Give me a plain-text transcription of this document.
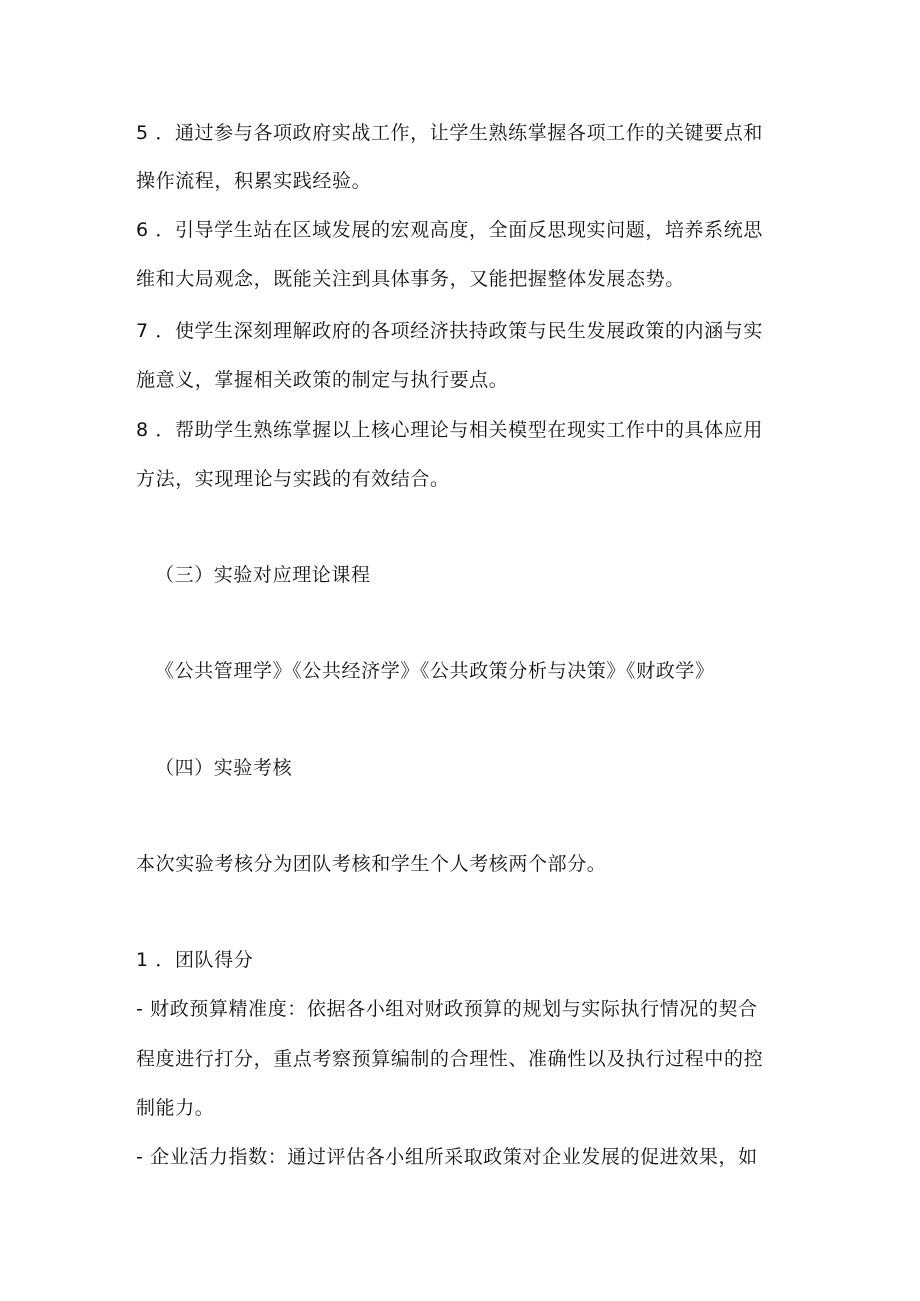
5 ．通过参与各项政府实战工作，让学生熟练掌握各项工作的关键要点和
操作流程，积累实践经验。
6 ．引导学生站在区域发展的宏观高度，全面反思现实问题，培养系统思
维和大局观念，既能关注到具体事务，又能把握整体发展态势。
7 ．使学生深刻理解政府的各项经济扶持政策与民生发展政策的内涵与实
施意义，掌握相关政策的制定与执行要点。
8 ．帮助学生熟练掌握以上核心理论与相关模型在现实工作中的具体应用
方法，实现理论与实践的有效结合。
（三）实验对应理论课程
《公共管理学》《公共经济学》《公共政策分析与决策》《财政学》
（四）实验考核
本次实验考核分为团队考核和学生个人考核两个部分。
1 ．团队得分
- 财政预算精准度：依据各小组对财政预算的规划与实际执行情况的契合
程度进行打分，重点考察预算编制的合理性、准确性以及执行过程中的控
制能力。
- 企业活力指数：通过评估各小组所采取政策对企业发展的促进效果，如
